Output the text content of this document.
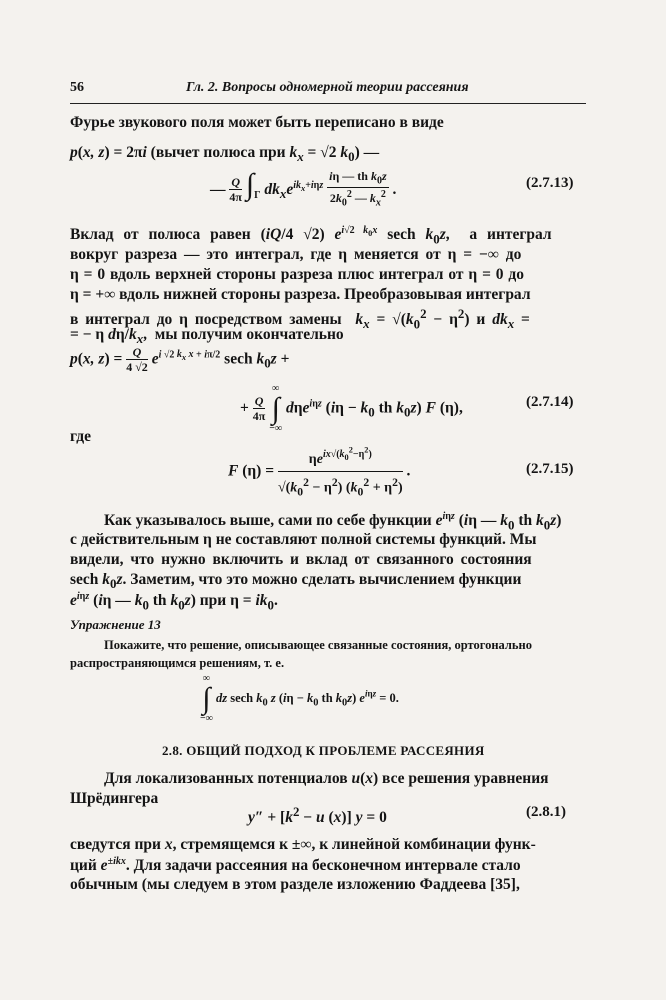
56	Гл. 2. Вопросы одномерной теории рассеяния
Фурье звукового поля может быть переписано в виде
p(x, z) = 2πi (вычет полюса при $k_x = √2$ $k_0$) —
— $\frac{Q}{4\pi} \int_\Gamma$ $dk_xe^{ik_x+i\eta z} \frac{i\eta — th k_0z}{2k_0^2 — k_x^2}$ .	(2.7.13)
Вклад от полюса равен (iQ/4 √2) $e^{i√2 k_0x}$ sech $k_0z$,  а интеграл
вокруг разреза — это интеграл, где η меняется от η = −∞ до
η = 0 вдоль верхней стороны разреза плюс интеграл от η = 0 до
η = +∞ вдоль нижней стороны разреза. Преобразовывая интеграл
в интеграл до η посредством замены  $k_x = √(k_0^2 - \eta^2)$ и $dk_x$ =
= − η $d\eta/k_x$,  мы получим окончательно
p(x, $z) = \frac{Q}{4 √2} e^{i √2 k_x x + i\pi/2}$ sech $k_0z$ +
+ $\frac{Q}{4\pi}$

∞
∫
−∞
dηe$^{i\eta z}$ ($i\eta - k_0$ th $k_0z$) F (η),	(2.7.14)
где
F $(\eta) = \frac{\eta e^{ix√(k_0^2-\eta^2)}}{√(k_0^2 - \eta^2) (k_0^2 + \eta^2)}$ .	(2.7.15)
Как указывалось выше, сами по себе функции $e^{i\eta z}$ (iη — $k_0$ th $k_0z$)
с действительным η не составляют полной системы функций. Мы
видели, что нужно включить и вклад от связанного состояния
sech $k_0z$. Заметим, что это можно сделать вычислением функции
$e^{i\eta z}$ (iη — $k_0$ th $k_0z$) при $\eta = ik_0$.
Упражнение 13
Покажите, что решение, описывающее связанные состояния, ортогонально
распространяющимся решениям, т. е.
∞
∫
−∞
dz sech $k_0$ z ($i\eta - k_0$ th $k_0z$) $e^{i\eta z} = 0$.
2.8. ОБЩИЙ ПОДХОД К ПРОБЛЕМЕ РАССЕЯНИЯ
Для локализованных потенциалов u(x) все решения уравнения
Шрёдингера
$y'' + [k^2 - u$ (x)] y = 0	(2.8.1)
сведутся при x, стремящемся к ±∞, к линейной комбинации функ-
ций $e^{\pm ikx}$. Для задачи рассеяния на бесконечном интервале стало
обычным (мы следуем в этом разделе изложению Фаддеева [35],
